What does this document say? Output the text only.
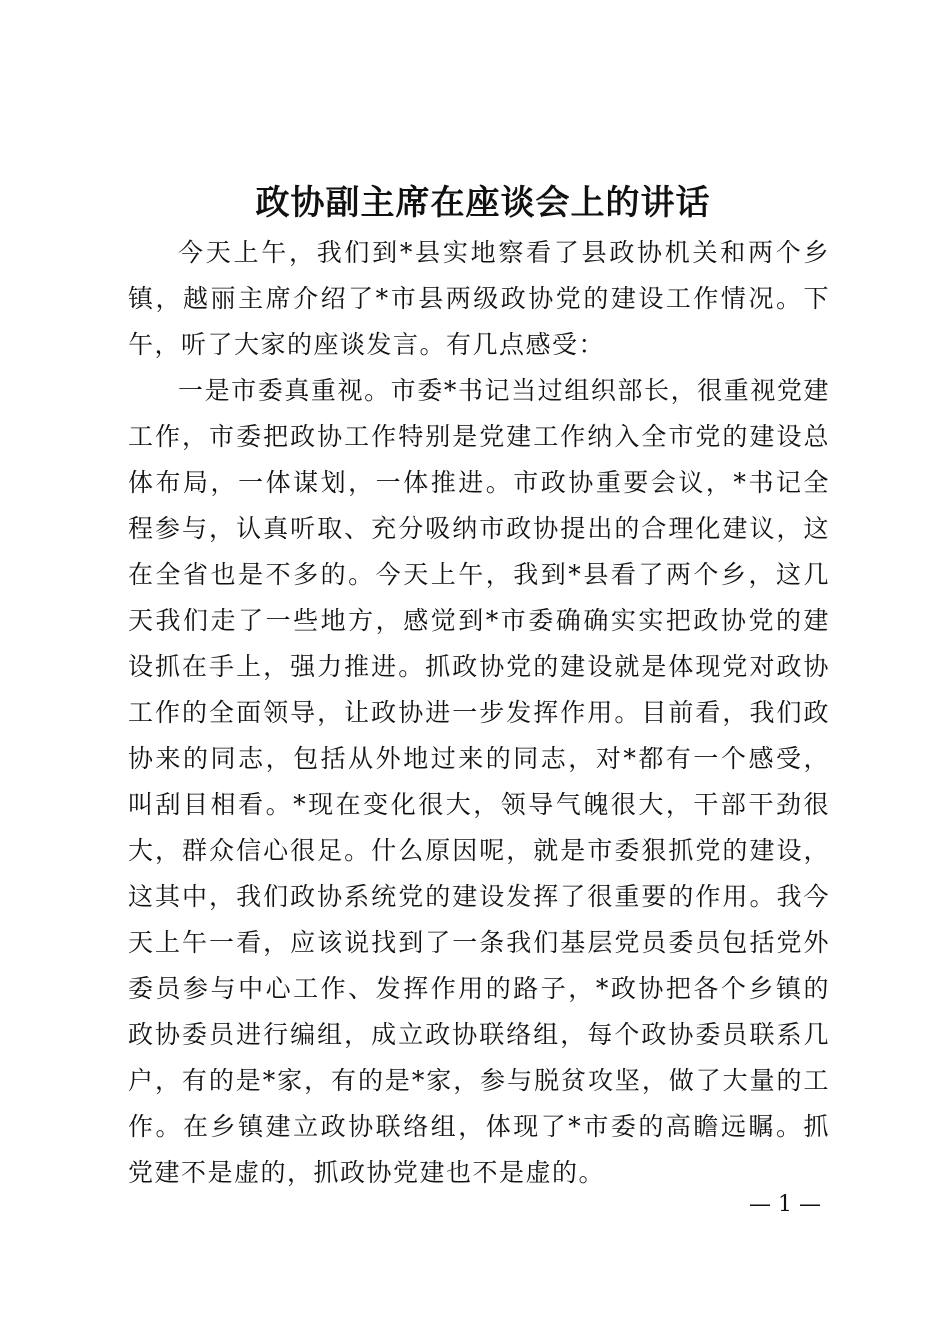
政协副主席在座谈会上的讲话

今天上午，我们到*县实地察看了县政协机关和两个乡镇，越丽主席介绍了*市县两级政协党的建设工作情况。下午，听了大家的座谈发言。有几点感受：

一是市委真重视。市委*书记当过组织部长，很重视党建工作，市委把政协工作特别是党建工作纳入全市党的建设总体布局，一体谋划，一体推进。市政协重要会议，*书记全程参与，认真听取、充分吸纳市政协提出的合理化建议，这在全省也是不多的。今天上午，我到*县看了两个乡，这几天我们走了一些地方，感觉到*市委确确实实把政协党的建设抓在手上，强力推进。抓政协党的建设就是体现党对政协工作的全面领导，让政协进一步发挥作用。目前看，我们政协来的同志，包括从外地过来的同志，对*都有一个感受，叫刮目相看。*现在变化很大，领导气魄很大，干部干劲很大，群众信心很足。什么原因呢，就是市委狠抓党的建设，这其中，我们政协系统党的建设发挥了很重要的作用。我今天上午一看，应该说找到了一条我们基层党员委员包括党外委员参与中心工作、发挥作用的路子，*政协把各个乡镇的政协委员进行编组，成立政协联络组，每个政协委员联系几户，有的是*家，有的是*家，参与脱贫攻坚，做了大量的工作。在乡镇建立政协联络组，体现了*市委的高瞻远瞩。抓党建不是虚的，抓政协党建也不是虚的。

— 1 —
